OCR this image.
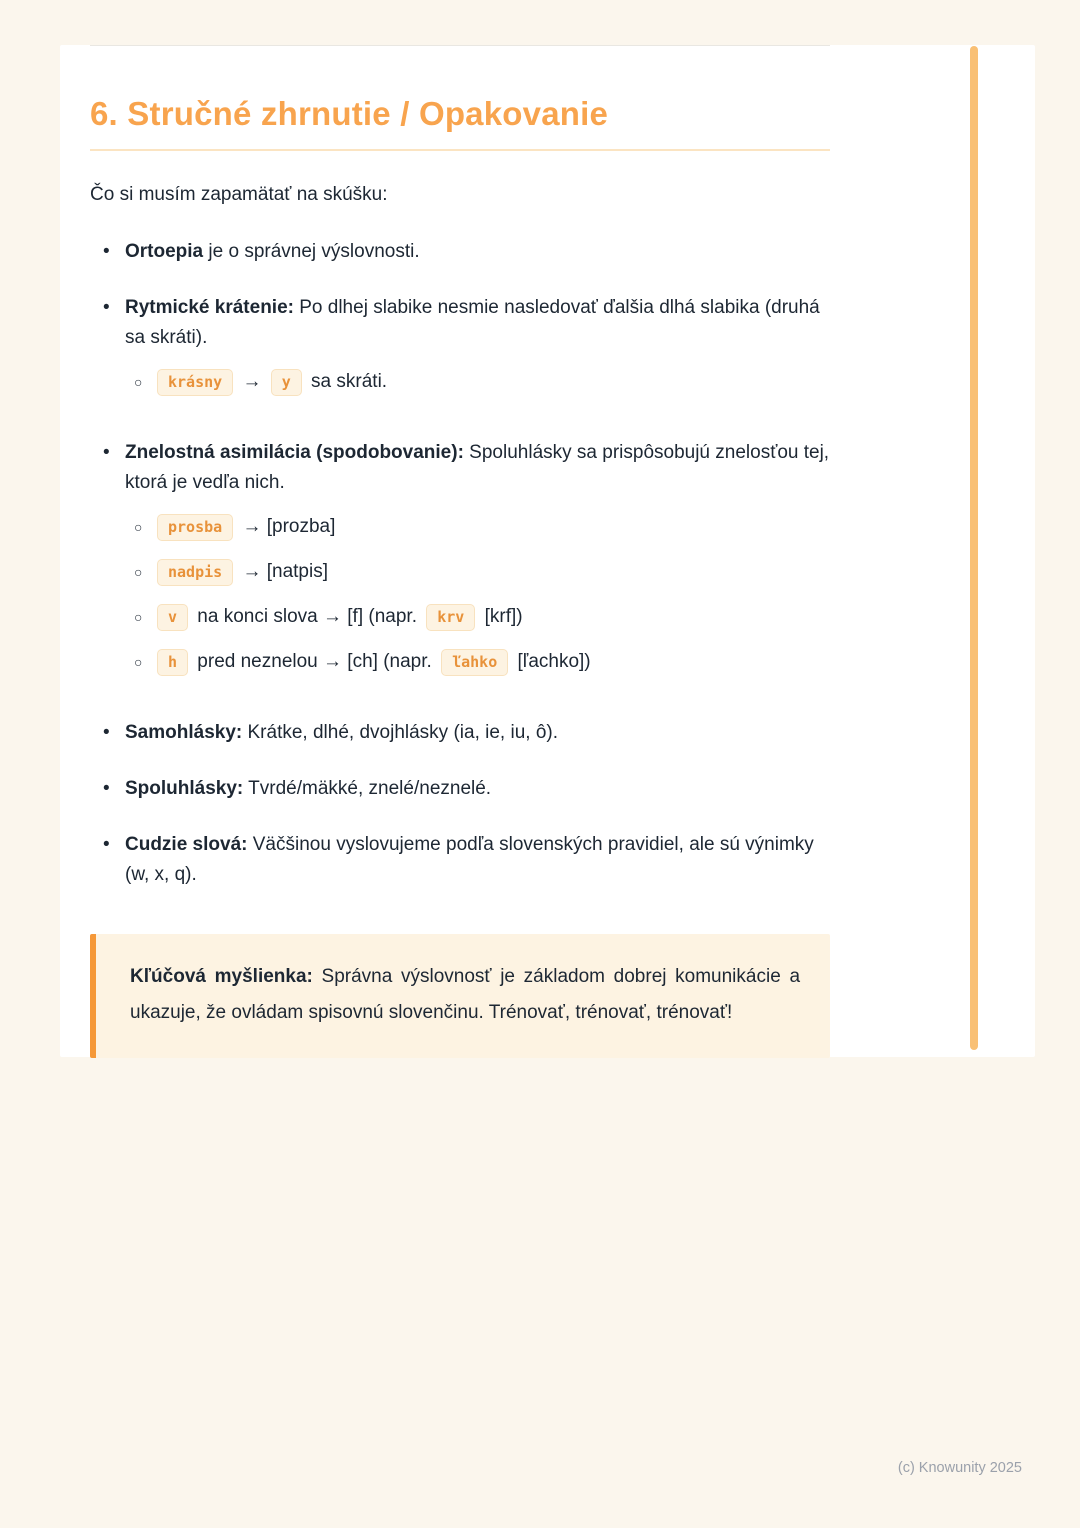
6. Stručné zhrnutie / Opakovanie

Čo si musím zapamätať na skúšku:

• Ortoepia je o správnej výslovnosti.
• Rytmické krátenie: Po dlhej slabike nesmie nasledovať ďalšia dlhá slabika (druhá sa skráti).
○	krásny → y sa skráti.
• Znelostná asimilácia (spodobovanie): Spoluhlásky sa prispôsobujú znelosťou tej, ktorá je vedľa nich.
○	prosba → [prozba]
○	nadpis → [natpis]
○	v na konci slova → [f] (napr. krv [krf])
○	h pred neznelou → [ch] (napr. ľahko [ľachko])
• Samohlásky: Krátke, dlhé, dvojhlásky (ia, ie, iu, ô).
• Spoluhlásky: Tvrdé/mäkké, znelé/neznelé.
• Cudzie slová: Väčšinou vyslovujeme podľa slovenských pravidiel, ale sú výnimky (w, x, q).
Kľúčová myšlienka: Správna výslovnosť je základom dobrej komunikácie a ukazuje, že ovládam spisovnú slovenčinu. Trénovať, trénovať, trénovať!
(c) Knowunity 2025
